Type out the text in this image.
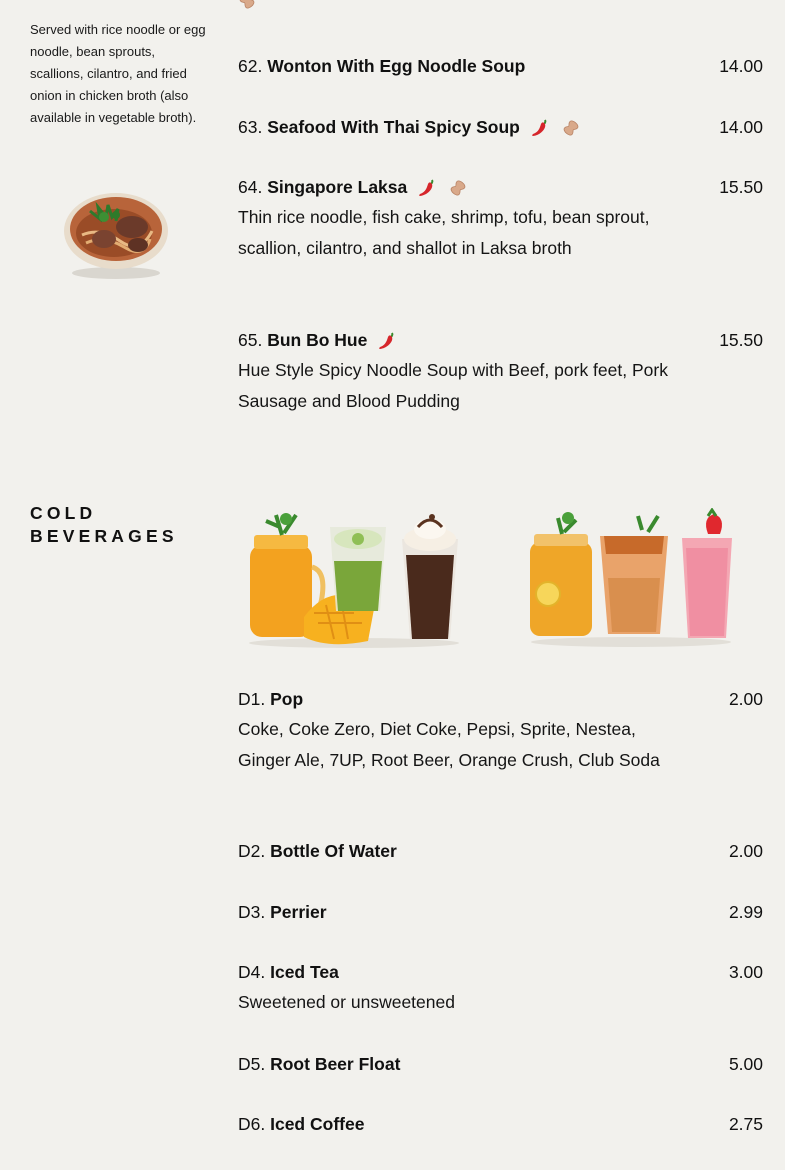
Served with rice noodle or egg noodle, bean sprouts, scallions, cilantro, and fried onion in chicken broth (also available in vegetable broth).
62. Wonton With Egg Noodle Soup	14.00
63. Seafood With Thai Spicy Soup	14.00
64. Singapore Laksa	15.50
Thin rice noodle, fish cake, shrimp, tofu, bean sprout, scallion, cilantro, and shallot in Laksa broth
65. Bun Bo Hue	15.50
Hue Style Spicy Noodle Soup with Beef, pork feet, Pork Sausage and Blood Pudding
COLD
BEVERAGES
D1. Pop	2.00
Coke, Coke Zero, Diet Coke, Pepsi, Sprite, Nestea, Ginger Ale, 7UP, Root Beer, Orange Crush, Club Soda
D2. Bottle Of Water	2.00
D3. Perrier	2.99
D4. Iced Tea	3.00
Sweetened or unsweetened
D5. Root Beer Float	5.00
D6. Iced Coffee	2.75
